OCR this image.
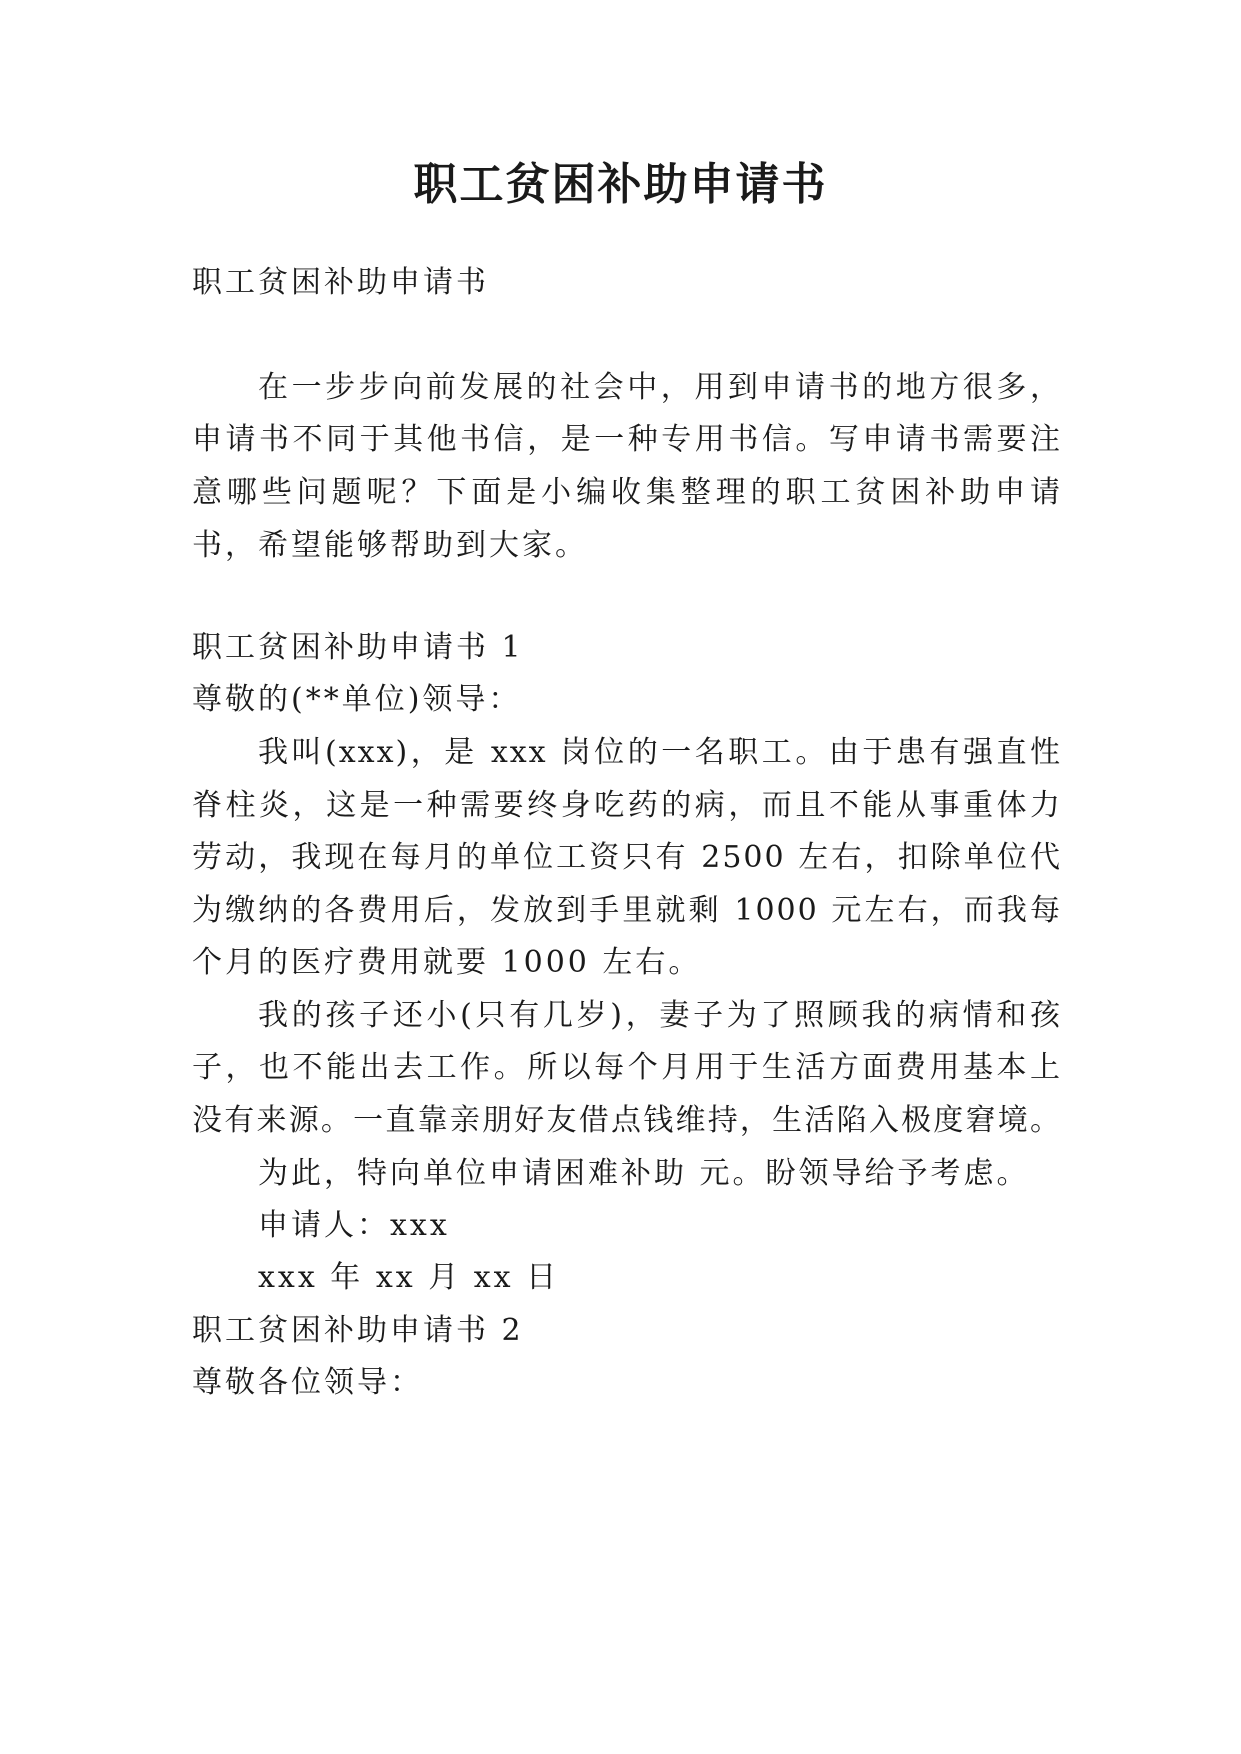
职工贫困补助申请书

职工贫困补助申请书

在一步步向前发展的社会中，用到申请书的地方很多，

申请书不同于其他书信，是一种专用书信。写申请书需要注

意哪些问题呢？下面是小编收集整理的职工贫困补助申请

书，希望能够帮助到大家。

职工贫困补助申请书 1

尊敬的(**单位)领导：

我叫(xxx)，是 xxx 岗位的一名职工。由于患有强直性

脊柱炎，这是一种需要终身吃药的病，而且不能从事重体力

劳动，我现在每月的单位工资只有 2500 左右，扣除单位代

为缴纳的各费用后，发放到手里就剩 1000 元左右，而我每

个月的医疗费用就要 1000 左右。

我的孩子还小(只有几岁)，妻子为了照顾我的病情和孩

子，也不能出去工作。所以每个月用于生活方面费用基本上

没有来源。一直靠亲朋好友借点钱维持，生活陷入极度窘境。

为此，特向单位申请困难补助 元。盼领导给予考虑。

申请人：xxx

xxx 年 xx 月 xx 日

职工贫困补助申请书 2

尊敬各位领导：
